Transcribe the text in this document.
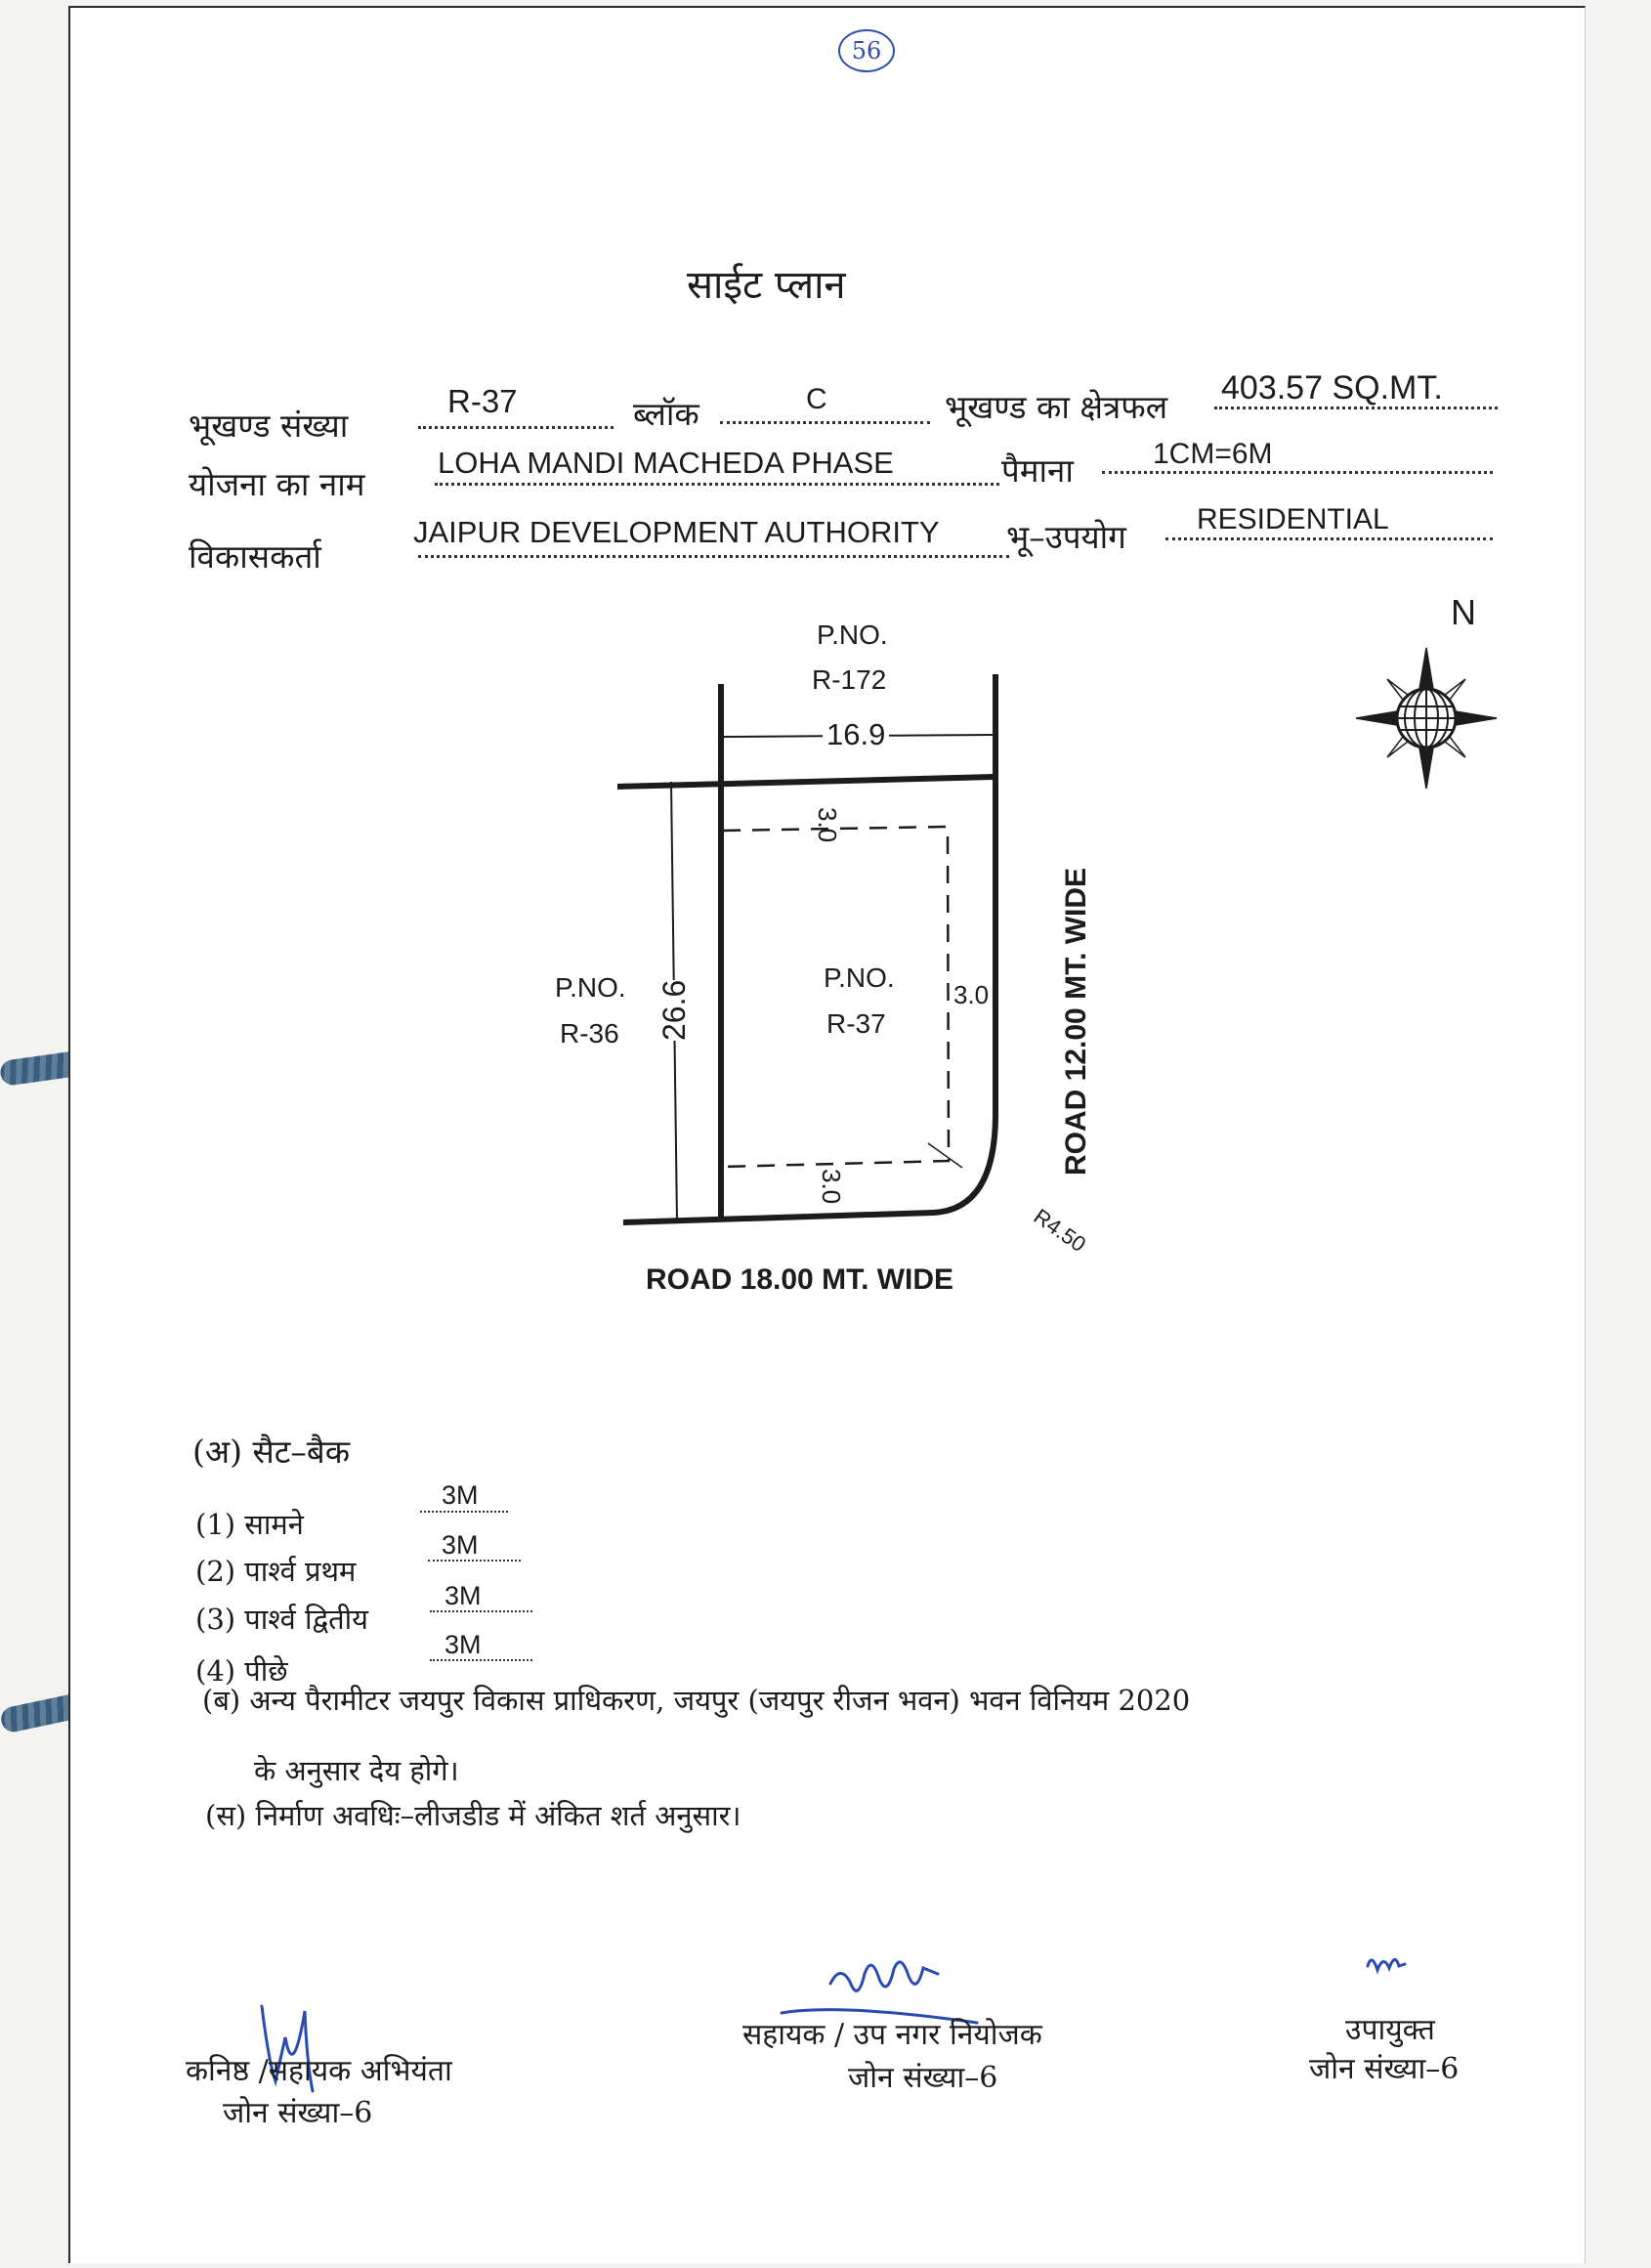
56
साईट प्लान
भूखण्ड संख्या
R-37	ब्लॉक	C	भूखण्ड का क्षेत्रफल 403.57 SQ.MT.
योजना का नाम
LOHA MANDI MACHEDA PHASE	पैमाना	1CM=6M
विकासकर्ता
JAIPUR DEVELOPMENT AUTHORITY भू–उपयोग RESIDENTIAL
P.NO.
R-172
16.9
3.0
3.0
3.0
26.6
P.NO.
R-36
P.NO.
R-37	ROAD 12.00 MT. WIDE
ROAD 18.00 MT. WIDE
R4.50
N
(अ) सैट–बैक
(1) सामने
3M
(2) पार्श्व प्रथम
3M
(3) पार्श्व द्वितीय
3M
(4) पीछे
3M
(ब) अन्य पैरामीटर जयपुर विकास प्राधिकरण, जयपुर (जयपुर रीजन भवन) भवन विनियम 2020
के अनुसार देय होगे।
(स) निर्माण अवधिः–लीजडीड में अंकित शर्त अनुसार।
कनिष्ठ /सहायक अभियंता
जोन संख्या–6
सहायक / उप नगर नियोजक
जोन संख्या–6
उपायुक्त
जोन संख्या–6
